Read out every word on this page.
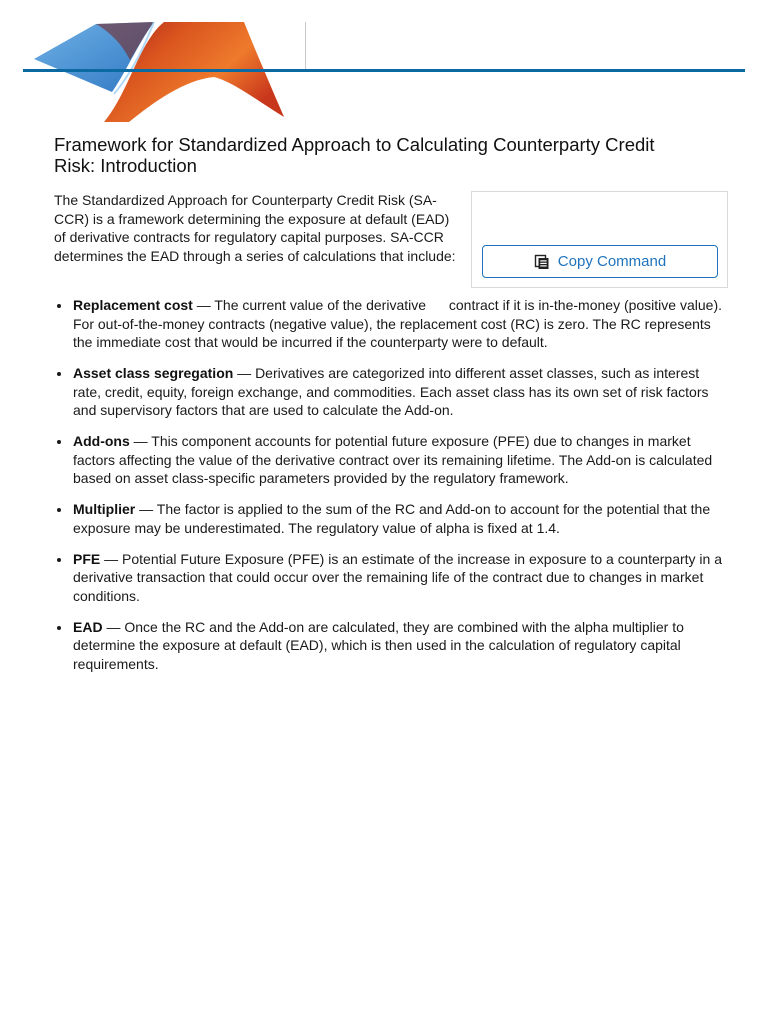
Framework for Standardized Approach to Calculating Counterparty Credit Risk: Introduction

The Standardized Approach for Counterparty Credit Risk (SA-CCR) is a framework determining the exposure at default (EAD) of derivative contracts for regulatory capital purposes. SA-CCR determines the EAD through a series of calculations that include:	Copy Command
Replacement cost — The current value of the derivative contract if it is in-the-money (positive value). For out-of-the-money contracts (negative value), the replacement cost (RC) is zero. The RC represents the immediate cost that would be incurred if the counterparty were to default.
Asset class segregation — Derivatives are categorized into different asset classes, such as interest rate, credit, equity, foreign exchange, and commodities. Each asset class has its own set of risk factors and supervisory factors that are used to calculate the Add-on.
Add-ons — This component accounts for potential future exposure (PFE) due to changes in market factors affecting the value of the derivative contract over its remaining lifetime. The Add-on is calculated based on asset class-specific parameters provided by the regulatory framework.
Multiplier — The factor is applied to the sum of the RC and Add-on to account for the potential that the exposure may be underestimated. The regulatory value of alpha is fixed at 1.4.
PFE — Potential Future Exposure (PFE) is an estimate of the increase in exposure to a counterparty in a derivative transaction that could occur over the remaining life of the contract due to changes in market conditions.
EAD — Once the RC and the Add-on are calculated, they are combined with the alpha multiplier to determine the exposure at default (EAD), which is then used in the calculation of regulatory capital requirements.
